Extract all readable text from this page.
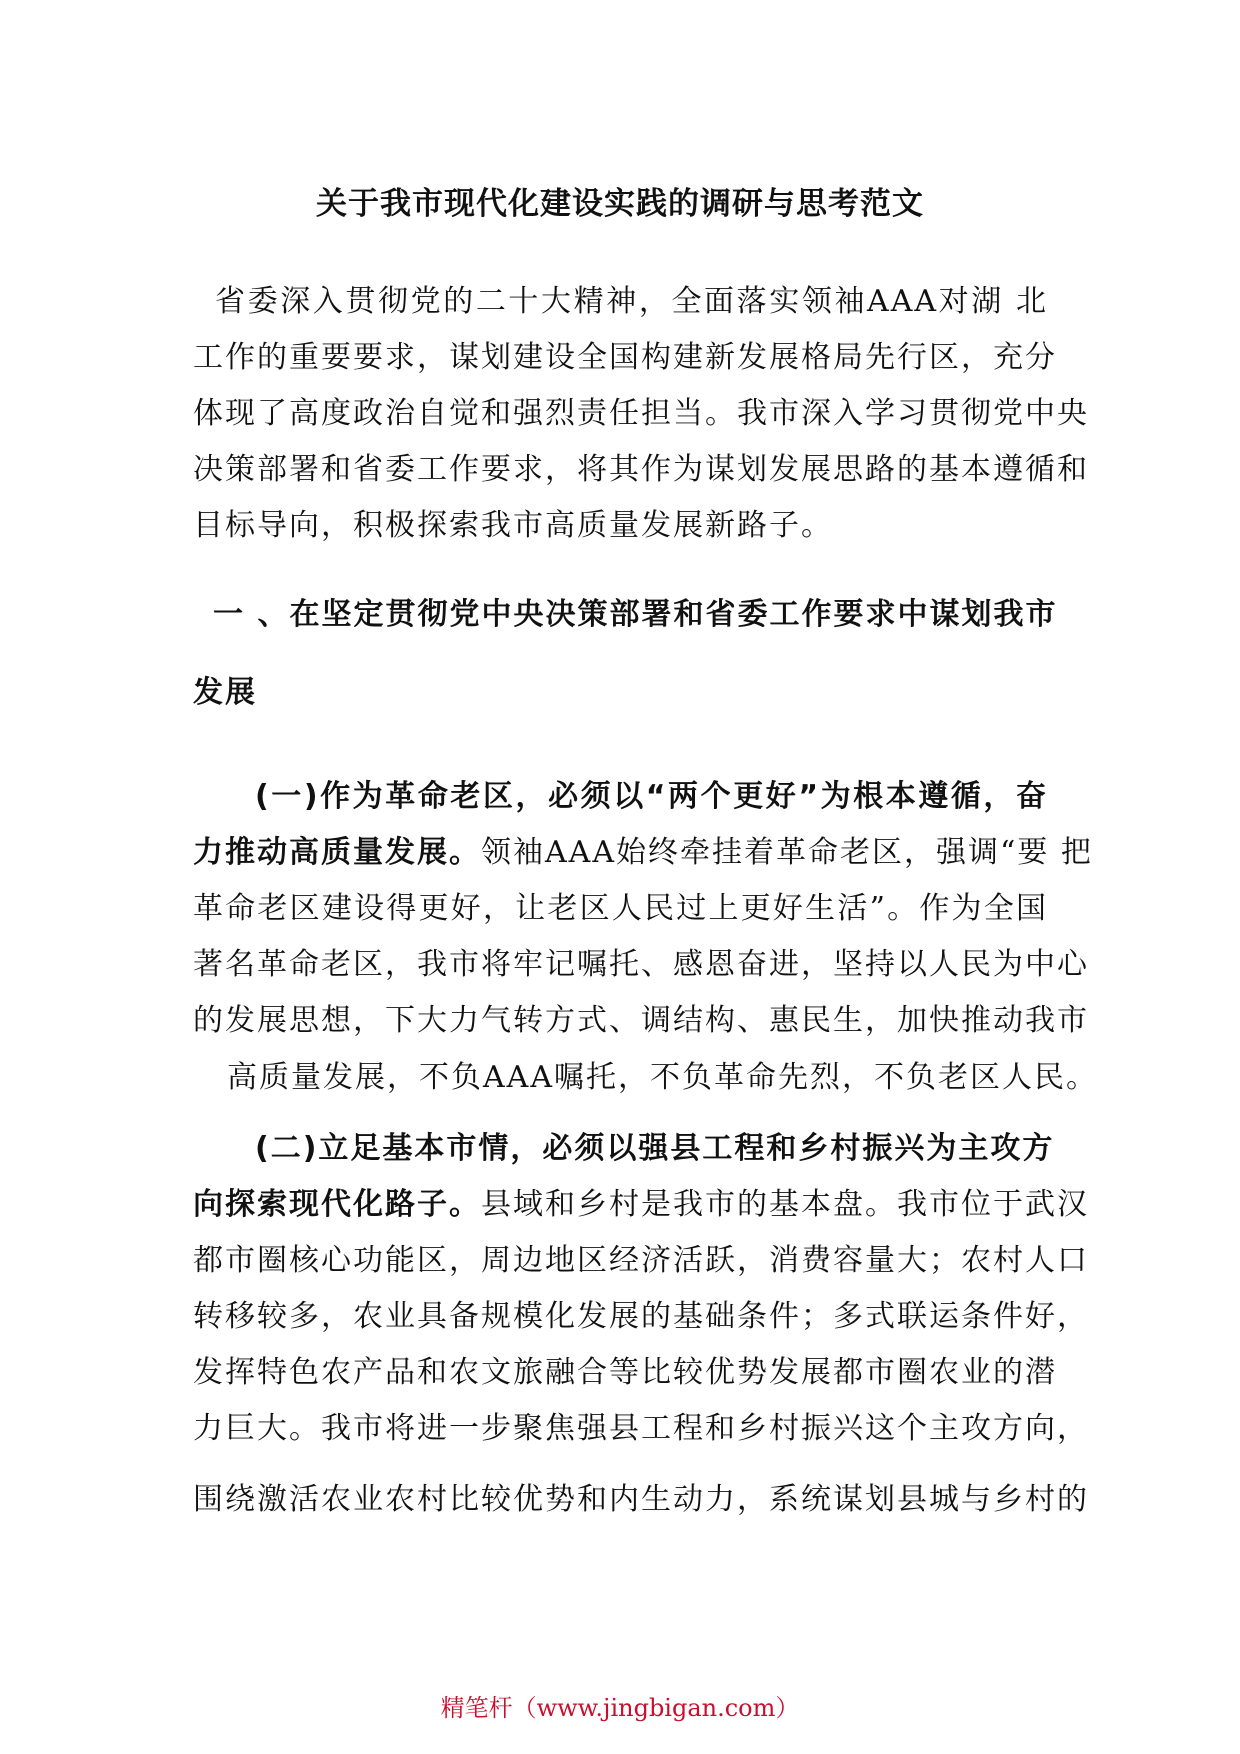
关于我市现代化建设实践的调研与思考范文

省委深入贯彻党的二十大精神，全面落实领袖AAA对湖 北

工作的重要要求，谋划建设全国构建新发展格局先行区，充分

体现了高度政治自觉和强烈责任担当。我市深入学习贯彻党中央

决策部署和省委工作要求，将其作为谋划发展思路的基本遵循和

目标导向，积极探索我市高质量发展新路子。

一 、在坚定贯彻党中央决策部署和省委工作要求中谋划我市

发展

(一)作为革命老区，必须以“两个更好”为根本遵循，奋

力推动高质量发展。领袖AAA始终牵挂着革命老区，强调“要 把

革命老区建设得更好，让老区人民过上更好生活”。作为全国

著名革命老区，我市将牢记嘱托、感恩奋进，坚持以人民为中心

的发展思想，下大力气转方式、调结构、惠民生，加快推动我市

高质量发展，不负AAA嘱托，不负革命先烈，不负老区人民。

(二)立足基本市情，必须以强县工程和乡村振兴为主攻方

向探索现代化路子。县域和乡村是我市的基本盘。我市位于武汉

都市圈核心功能区，周边地区经济活跃，消费容量大；农村人口

转移较多，农业具备规模化发展的基础条件；多式联运条件好，

发挥特色农产品和农文旅融合等比较优势发展都市圈农业的潜

力巨大。我市将进一步聚焦强县工程和乡村振兴这个主攻方向，

围绕激活农业农村比较优势和内生动力，系统谋划县城与乡村的

精笔杆（www.jingbigan.com）
